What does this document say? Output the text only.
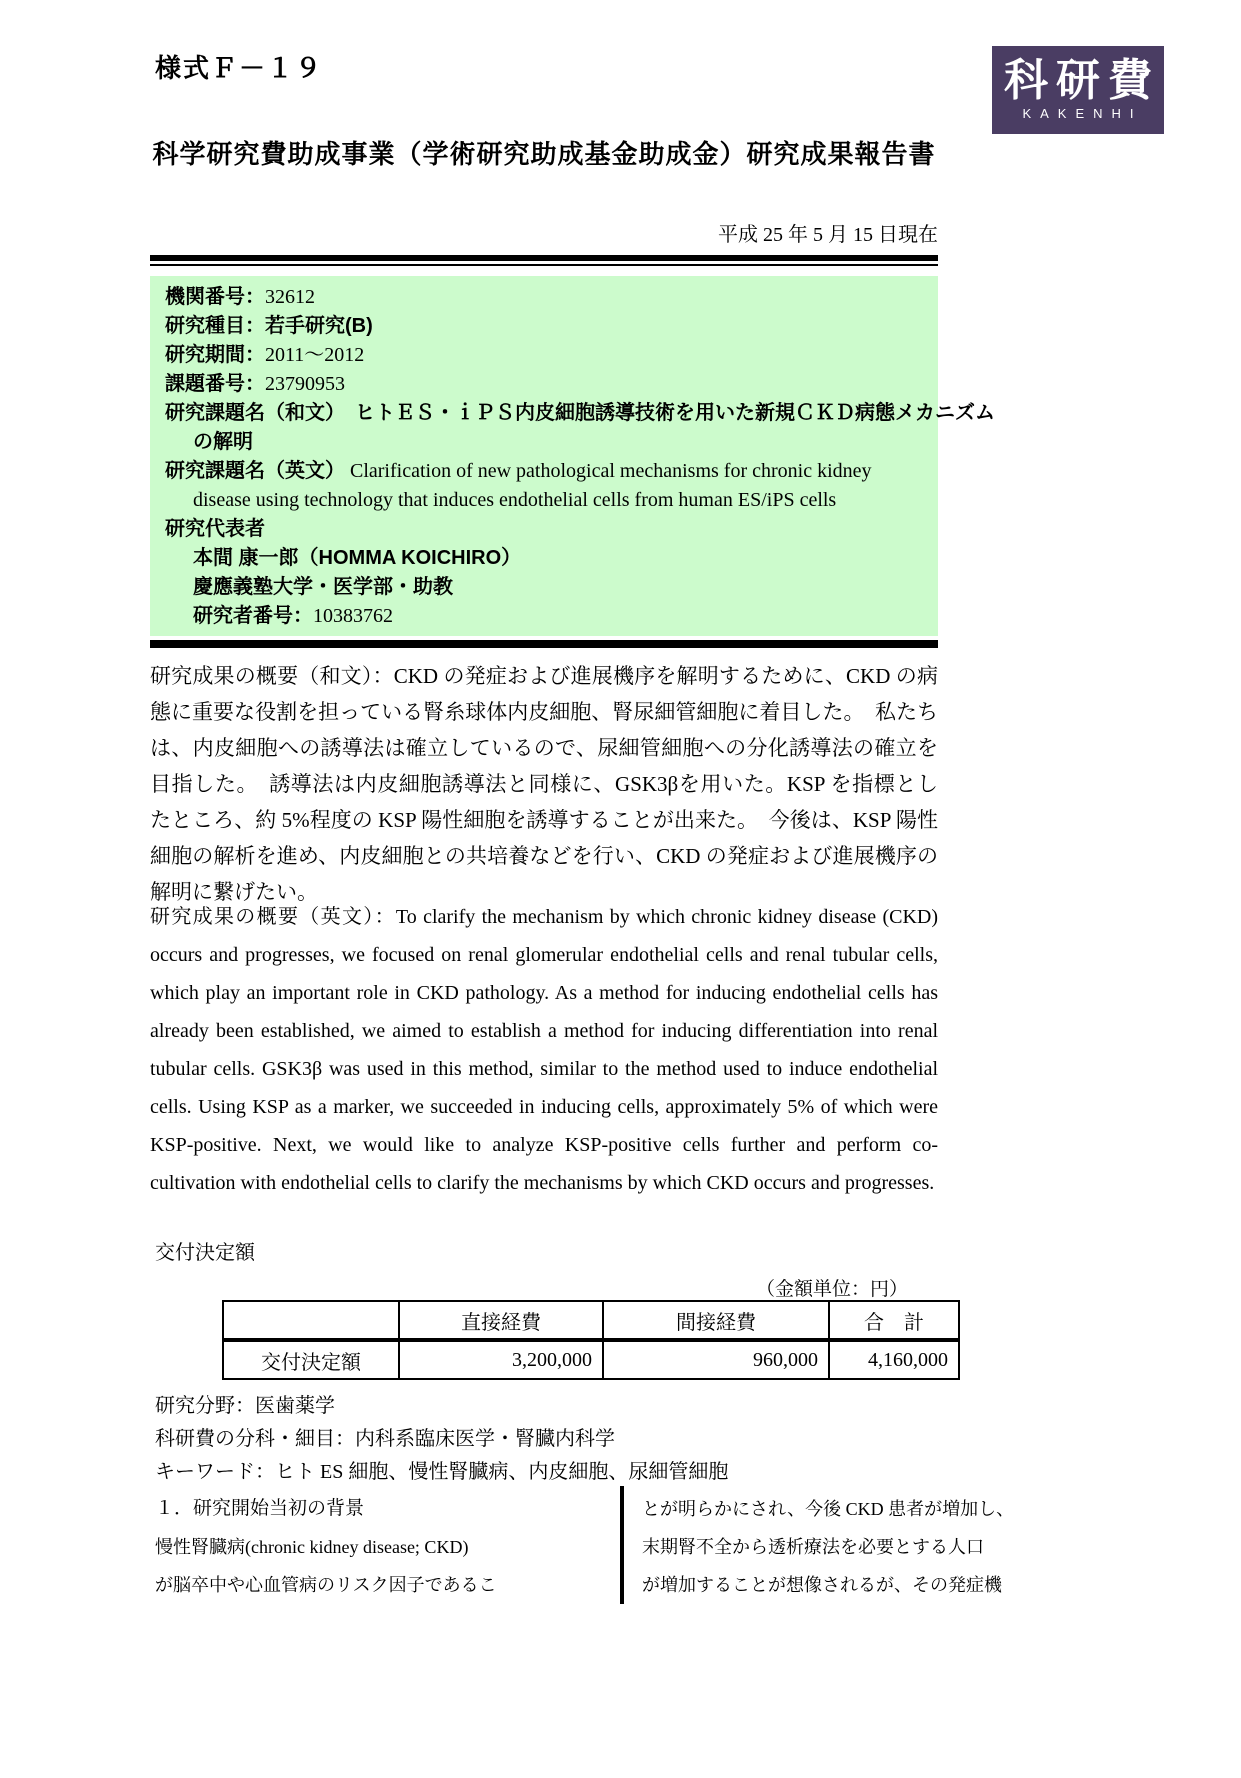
様式Ｆ－１９	科研費
KAKENHI
科学研究費助成事業（学術研究助成基金助成金）研究成果報告書
平成 25 年 5 月 15 日現在
機関番号：32612
研究種目：若手研究(B)
研究期間：2011～2012
課題番号：23790953
研究課題名（和文）　ヒトＥＳ・ｉＰＳ内皮細胞誘導技術を用いた新規ＣＫＤ病態メカニズム
の解明
研究課題名（英文） Clarification of new pathological mechanisms for chronic kidney
disease using technology that induces endothelial cells from human ES/iPS cells
研究代表者
本間 康一郎（HOMMA KOICHIRO）
慶應義塾大学・医学部・助教
研究者番号：10383762
研究成果の概要（和文）：CKD の発症および進展機序を解明するために、CKD の病態に重要な役割を担っている腎糸球体内皮細胞、腎尿細管細胞に着目した。　私たちは、内皮細胞への誘導法は確立しているので、尿細管細胞への分化誘導法の確立を目指した。　誘導法は内皮細胞誘導法と同様に、GSK3βを用いた。KSP を指標としたところ、約 5%程度の KSP 陽性細胞を誘導することが出来た。　今後は、KSP 陽性細胞の解析を進め、内皮細胞との共培養などを行い、CKD の発症および進展機序の解明に繋げたい。
研究成果の概要（英文）：To clarify the mechanism by which chronic kidney disease (CKD) occurs and progresses, we focused on renal glomerular endothelial cells and renal tubular cells, which play an important role in CKD pathology. As a method for inducing endothelial cells has already been established, we aimed to establish a method for inducing differentiation into renal tubular cells. GSK3β was used in this method, similar to the method used to induce endothelial cells. Using KSP as a marker, we succeeded in inducing cells, approximately 5% of which were KSP-positive. Next, we would like to analyze KSP-positive cells further and perform co-cultivation with endothelial cells to clarify the mechanisms by which CKD occurs and progresses.
交付決定額
（金額単位：円）
	直接経費	間接経費	合　計
交付決定額	3,200,000	960,000	4,160,000
研究分野：医歯薬学
科研費の分科・細目：内科系臨床医学・腎臓内科学
キーワード：ヒト ES 細胞、慢性腎臓病、内皮細胞、尿細管細胞
１．研究開始当初の背景
慢性腎臓病(chronic kidney disease; CKD)
が脳卒中や心血管病のリスク因子であるこ
とが明らかにされ、今後 CKD 患者が増加し、
末期腎不全から透析療法を必要とする人口
が増加することが想像されるが、その発症機
